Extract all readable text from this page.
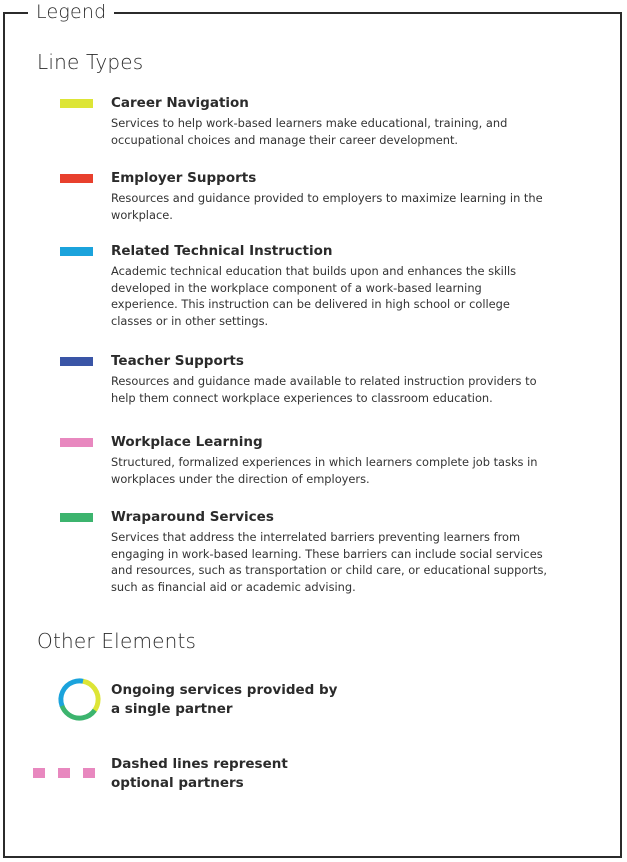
Legend
Line Types
Career Navigation
Services to help work-based learners make educational, training, and occupational choices and manage their career development.
Employer Supports
Resources and guidance provided to employers to maximize learning in the workplace.
Related Technical Instruction
Academic technical education that builds upon and enhances the skills developed in the workplace component of a work-based learning experience. This instruction can be delivered in high school or college classes or in other settings.
Teacher Supports
Resources and guidance made available to related instruction providers to help them connect workplace experiences to classroom education.
Workplace Learning
Structured, formalized experiences in which learners complete job tasks in workplaces under the direction of employers.
Wraparound Services
Services that address the interrelated barriers preventing learners from engaging in work-based learning. These barriers can include social services and resources, such as transportation or child care, or educational supports, such as financial aid or academic advising.
Other Elements
Ongoing services provided by a single partner
Dashed lines represent optional partners
